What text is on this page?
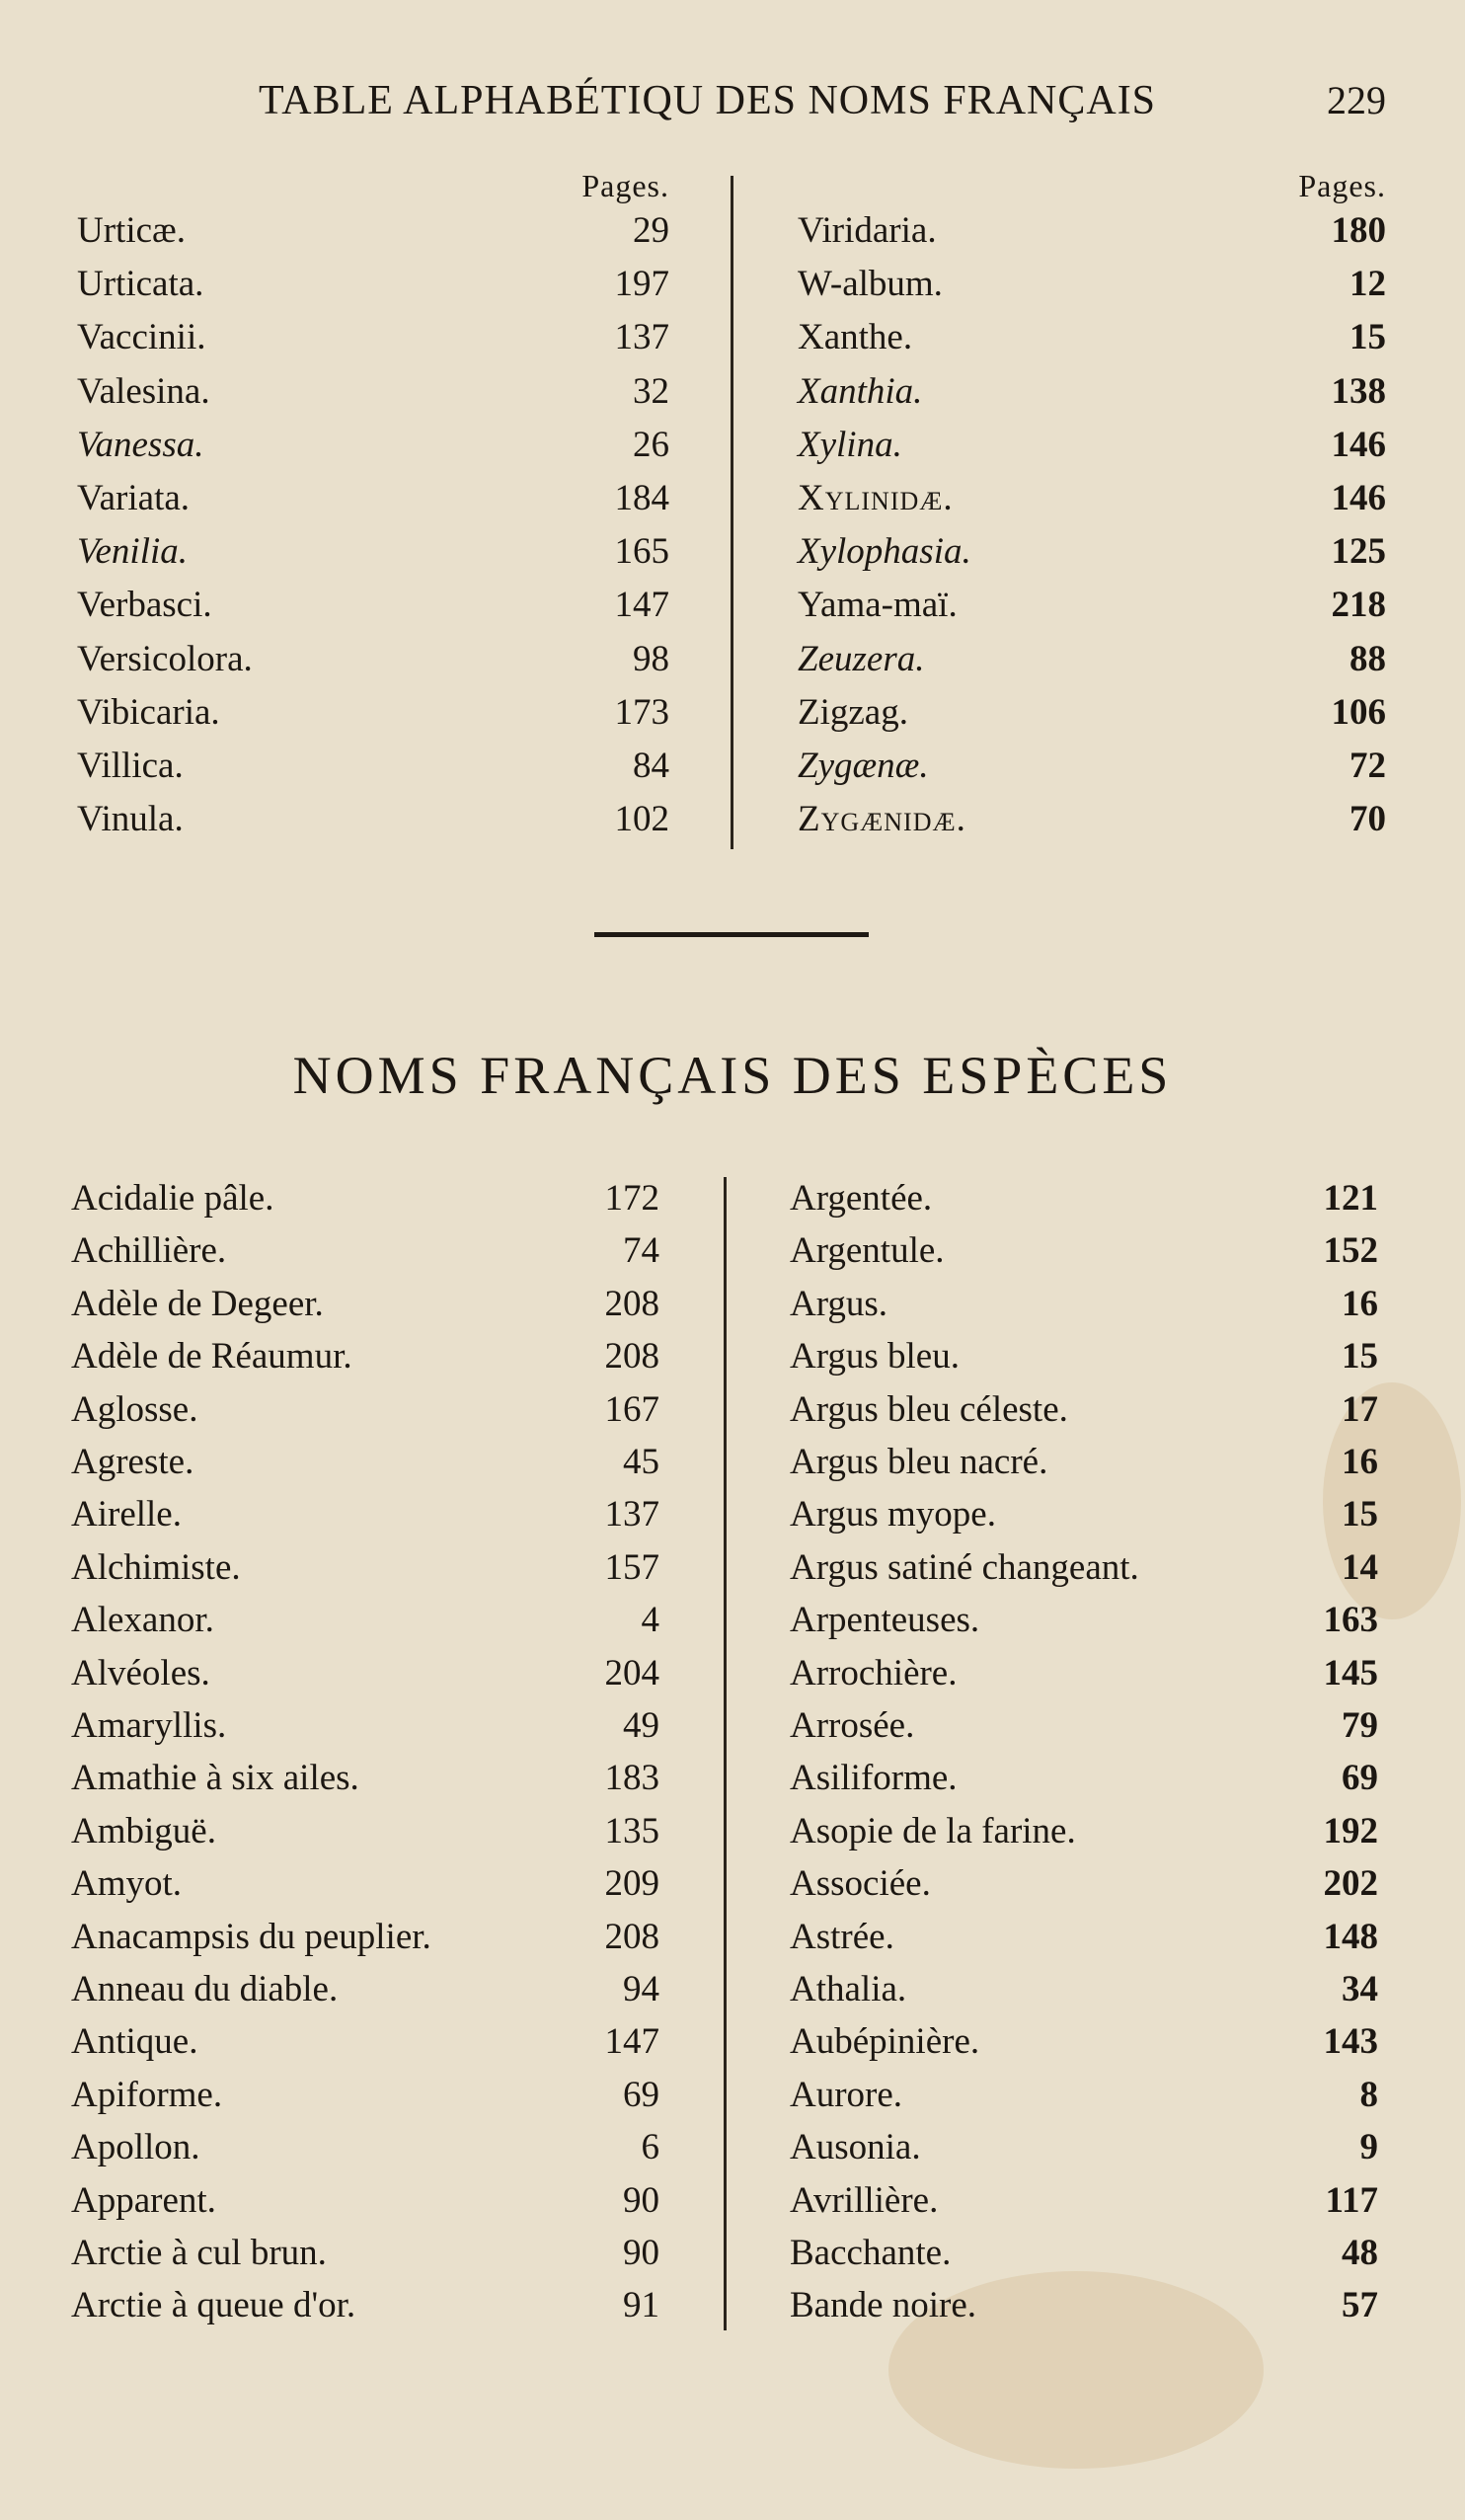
TABLE ALPHABÉTIQU DES NOMS FRANÇAIS	229
Pages.
Urticæ.	29
Urticata.	197
Vaccinii.	137
Valesina.	32
Vanessa.	26
Variata.	184
Venilia.	165
Verbasci.	147
Versicolora.	98
Vibicaria.	173
Villica.	84
Vinula.	102
Pages.
Viridaria.	180
W-album.	12
Xanthe.	15
Xanthia.	138
Xylina.	146
Xylinidæ.	146
Xylophasia.	125
Yama-maï.	218
Zeuzera.	88
Zigzag.	106
Zygænæ.	72
Zygænidæ.	70
NOMS FRANÇAIS DES ESPÈCES
Acidalie pâle.	172
Achillière.	74
Adèle de Degeer.	208
Adèle de Réaumur.	208
Aglosse.	167
Agreste.	45
Airelle.	137
Alchimiste.	157
Alexanor.	4
Alvéoles.	204
Amaryllis.	49
Amathie à six ailes.	183
Ambiguë.	135
Amyot.	209
Anacampsis du peuplier.	208
Anneau du diable.	94
Antique.	147
Apiforme.	69
Apollon.	6
Apparent.	90
Arctie à cul brun.	90
Arctie à queue d'or.	91
Argentée.	121
Argentule.	152
Argus.	16
Argus bleu.	15
Argus bleu céleste.	17
Argus bleu nacré.	16
Argus myope.	15
Argus satiné changeant.	14
Arpenteuses.	163
Arrochière.	145
Arrosée.	79
Asiliforme.	69
Asopie de la farine.	192
Associée.	202
Astrée.	148
Athalia.	34
Aubépinière.	143
Aurore.	8
Ausonia.	9
Avrillière.	117
Bacchante.	48
Bande noire.	57
